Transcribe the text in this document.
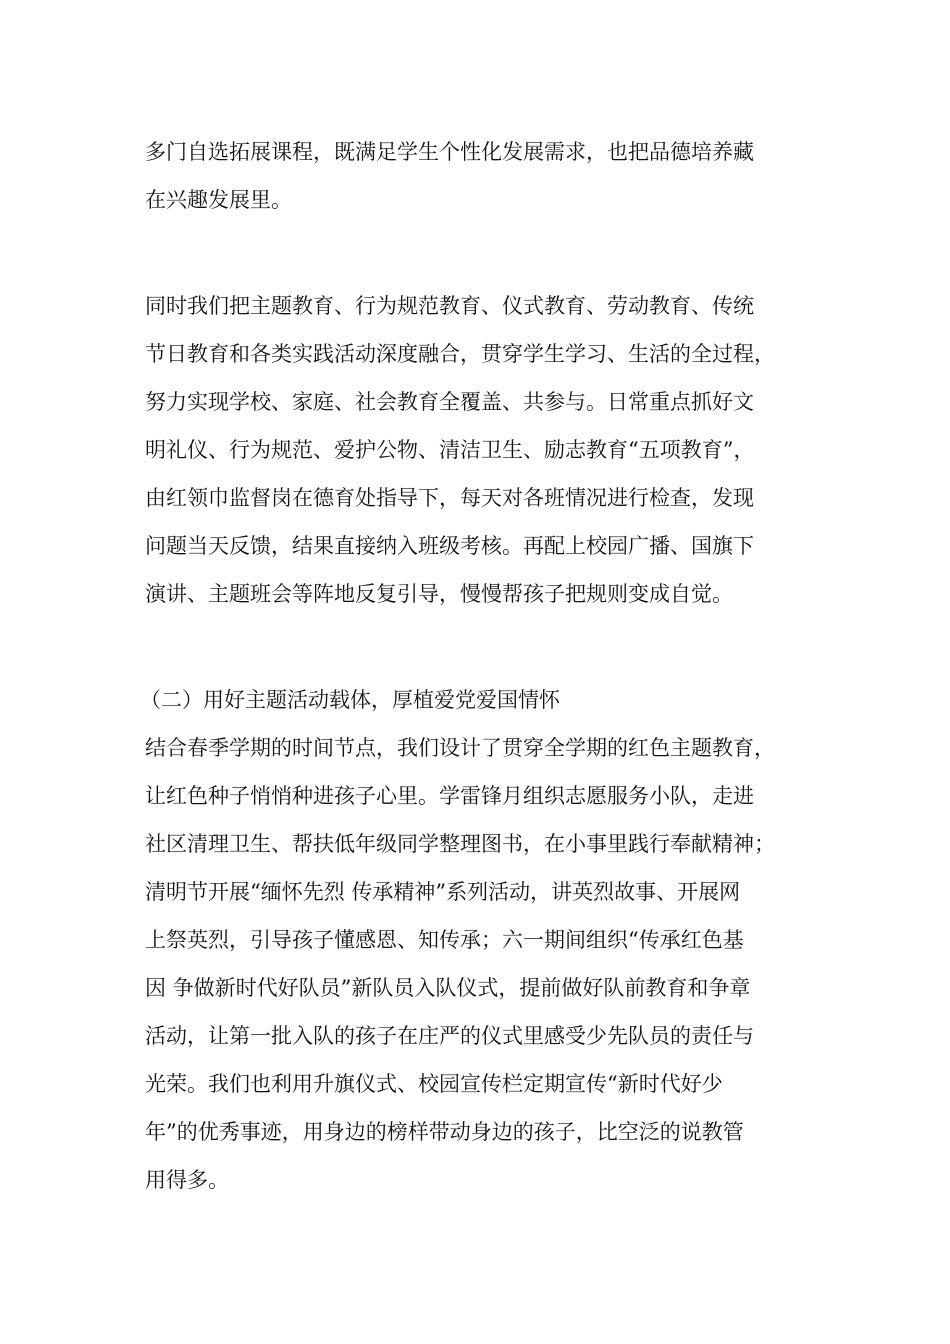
多门自选拓展课程，既满足学生个性化发展需求，也把品德培养藏
在兴趣发展里。
同时我们把主题教育、行为规范教育、仪式教育、劳动教育、传统
节日教育和各类实践活动深度融合，贯穿学生学习、生活的全过程，
努力实现学校、家庭、社会教育全覆盖、共参与。日常重点抓好文
明礼仪、行为规范、爱护公物、清洁卫生、励志教育“五项教育”，
由红领巾监督岗在德育处指导下，每天对各班情况进行检查，发现
问题当天反馈，结果直接纳入班级考核。再配上校园广播、国旗下
演讲、主题班会等阵地反复引导，慢慢帮孩子把规则变成自觉。
（二）用好主题活动载体，厚植爱党爱国情怀
结合春季学期的时间节点，我们设计了贯穿全学期的红色主题教育，
让红色种子悄悄种进孩子心里。学雷锋月组织志愿服务小队，走进
社区清理卫生、帮扶低年级同学整理图书，在小事里践行奉献精神；
清明节开展“缅怀先烈 传承精神”系列活动，讲英烈故事、开展网
上祭英烈，引导孩子懂感恩、知传承；六一期间组织“传承红色基
因 争做新时代好队员”新队员入队仪式，提前做好队前教育和争章
活动，让第一批入队的孩子在庄严的仪式里感受少先队员的责任与
光荣。我们也利用升旗仪式、校园宣传栏定期宣传“新时代好少
年”的优秀事迹，用身边的榜样带动身边的孩子，比空泛的说教管
用得多。
